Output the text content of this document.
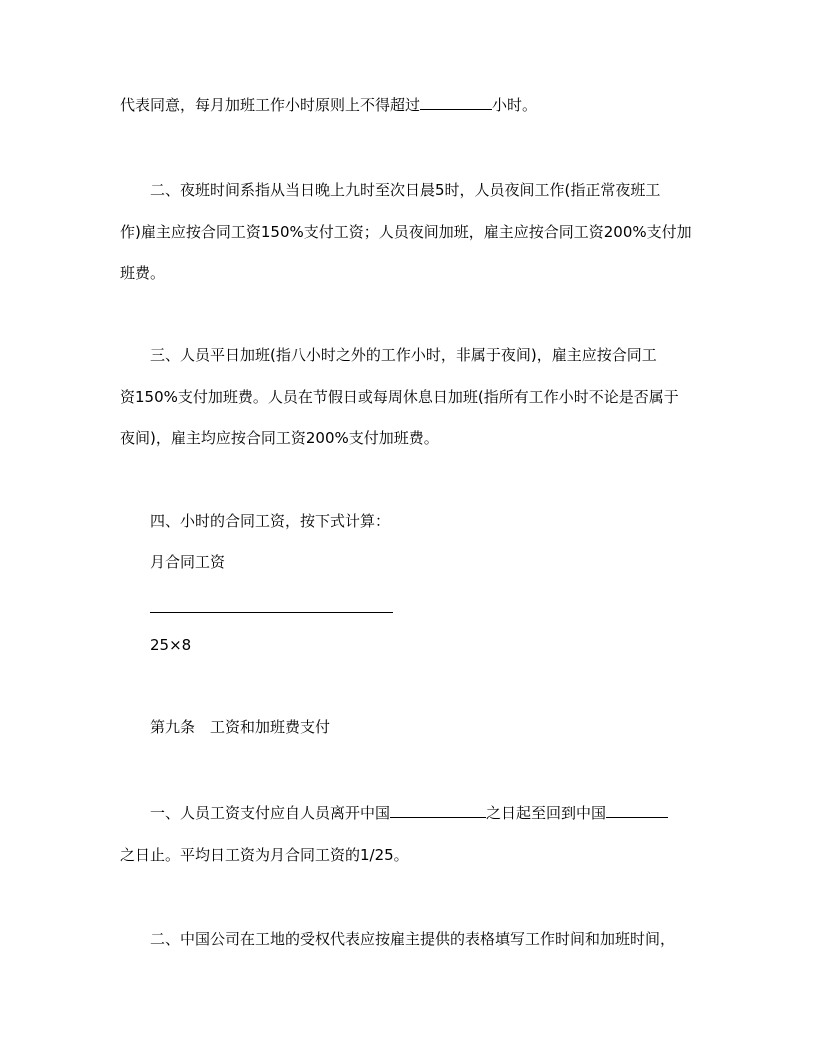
代表同意，每月加班工作小时原则上不得超过	小时。
二、夜班时间系指从当日晚上九时至次日晨5时，人员夜间工作(指正常夜班工
作)雇主应按合同工资150%支付工资；人员夜间加班，雇主应按合同工资200%支付加
班费。
三、人员平日加班(指八小时之外的工作小时，非属于夜间)，雇主应按合同工
资150%支付加班费。人员在节假日或每周休息日加班(指所有工作小时不论是否属于
夜间)，雇主均应按合同工资200%支付加班费。
四、小时的合同工资，按下式计算：
月合同工资
25×8
第九条　工资和加班费支付
一、人员工资支付应自人员离开中国	之日起至回到中国
之日止。平均日工资为月合同工资的1/25。
二、中国公司在工地的受权代表应按雇主提供的表格填写工作时间和加班时间，
